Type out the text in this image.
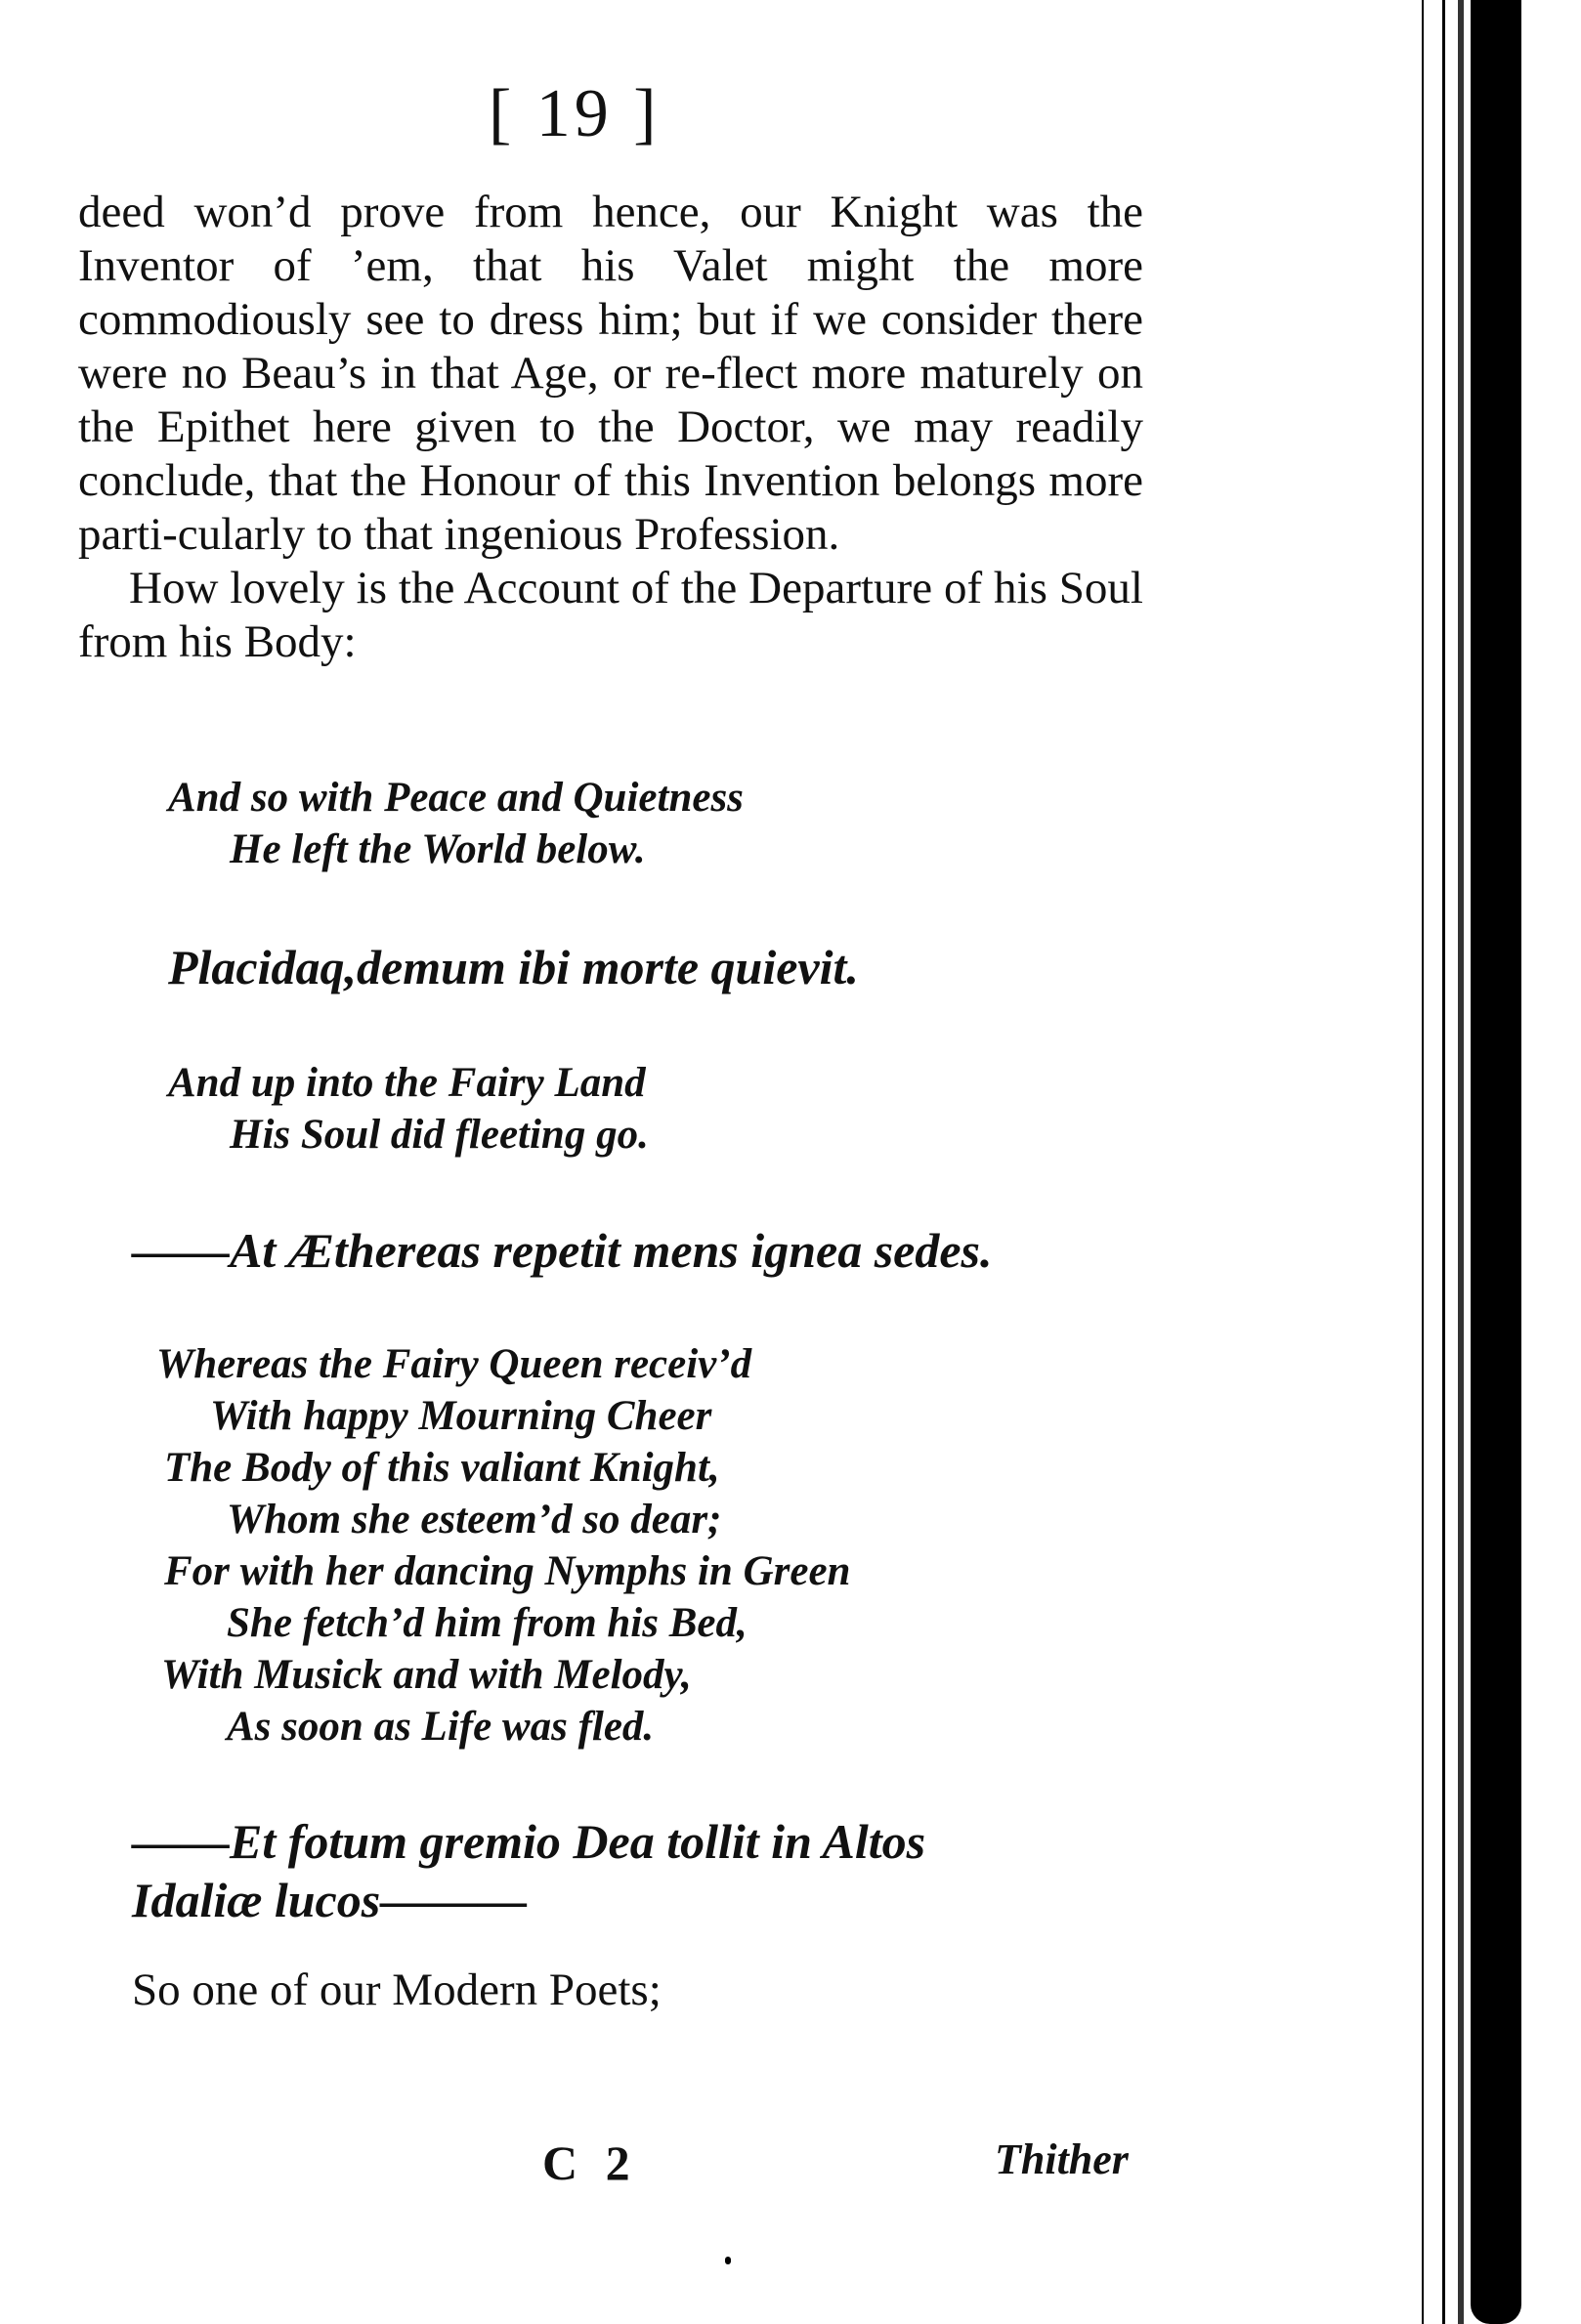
[ 19 ]

deed won’d prove from hence, our Knight was the Inventor of ’em, that his Valet might the more commodiously see to dress him; but if we consider there were no Beau’s in that Age, or re-flect more maturely on the Epithet here given to the Doctor, we may readily conclude, that the Honour of this Invention belongs more parti-cularly to that ingenious Profession.

How lovely is the Account of the Departure of his Soul from his Body:

And so with Peace and Quietness
He left the World below.
Placidaq,demum ibi morte quievit.
And up into the Fairy Land
His Soul did fleeting go.
——At Æthereas repetit mens ignea sedes.
Whereas the Fairy Queen receiv’d
With happy Mourning Cheer
The Body of this valiant Knight,
Whom she esteem’d so dear;
For with her dancing Nymphs in Green
She fetch’d him from his Bed,
With Musick and with Melody,
As soon as Life was fled.
——Et fotum gremio Dea tollit in Altos
Idaliæ lucos———
So one of our Modern Poets;
C 2	Thither
